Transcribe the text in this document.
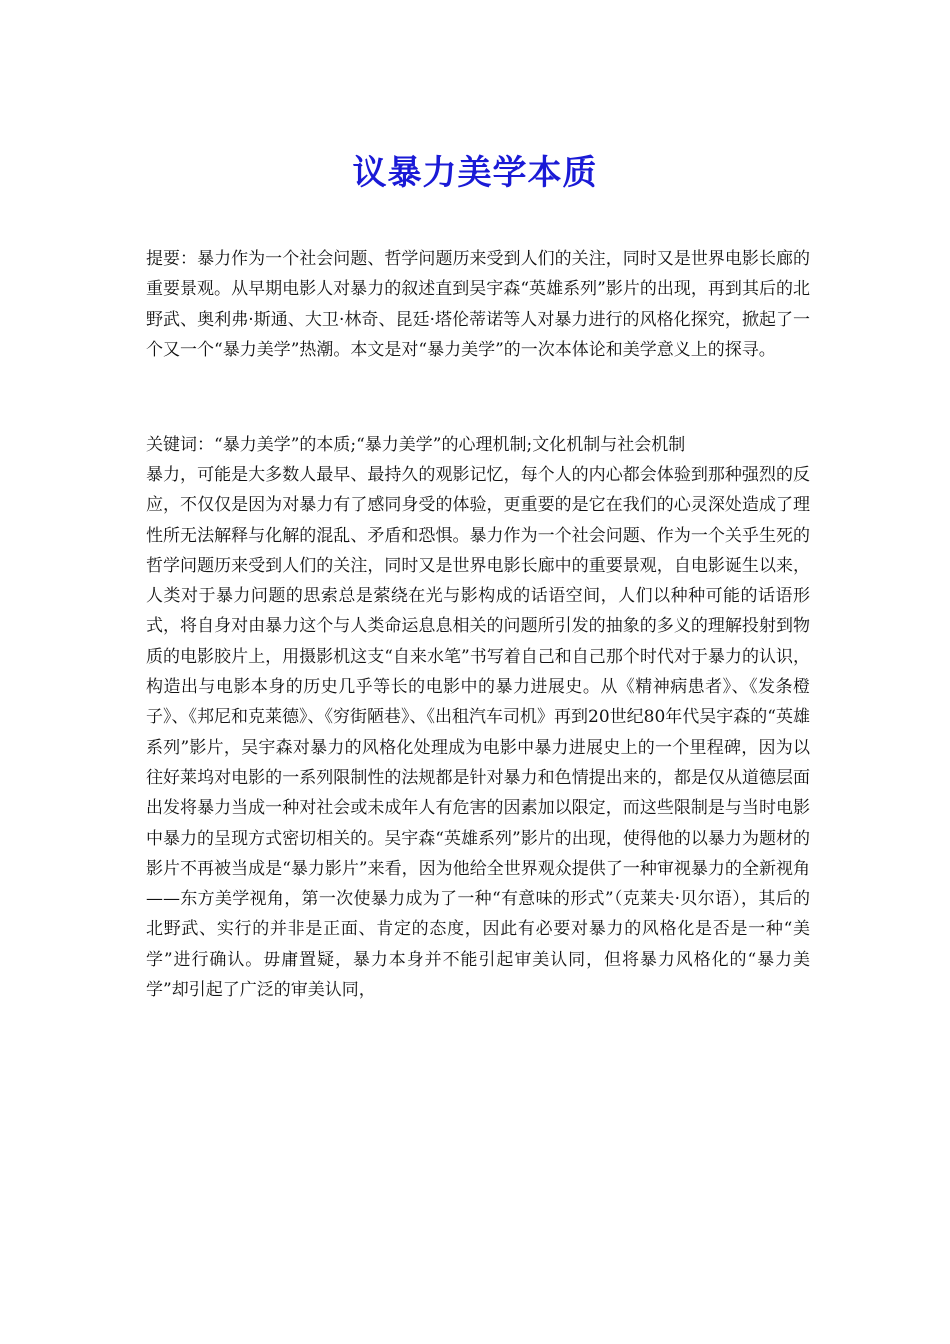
议暴力美学本质

提要：暴力作为一个社会问题、哲学问题历来受到人们的关注，同时又是世界电影长廊的重要景观。从早期电影人对暴力的叙述直到吴宇森“英雄系列”影片的出现，再到其后的北野武、奥利弗·斯通、大卫·林奇、昆廷·塔伦蒂诺等人对暴力进行的风格化探究，掀起了一个又一个“暴力美学”热潮。本文是对“暴力美学”的一次本体论和美学意义上的探寻。

关键词：“暴力美学”的本质;“暴力美学”的心理机制;文化机制与社会机制

暴力，可能是大多数人最早、最持久的观影记忆，每个人的内心都会体验到那种强烈的反应，不仅仅是因为对暴力有了感同身受的体验，更重要的是它在我们的心灵深处造成了理性所无法解释与化解的混乱、矛盾和恐惧。暴力作为一个社会问题、作为一个关乎生死的哲学问题历来受到人们的关注，同时又是世界电影长廊中的重要景观，自电影诞生以来，人类对于暴力问题的思索总是萦绕在光与影构成的话语空间，人们以种种可能的话语形式，将自身对由暴力这个与人类命运息息相关的问题所引发的抽象的多义的理解投射到物质的电影胶片上，用摄影机这支“自来水笔”书写着自己和自己那个时代对于暴力的认识，构造出与电影本身的历史几乎等长的电影中的暴力进展史。从《精神病患者》、《发条橙子》、《邦尼和克莱德》、《穷街陋巷》、《出租汽车司机》再到20世纪80年代吴宇森的“英雄系列”影片，吴宇森对暴力的风格化处理成为电影中暴力进展史上的一个里程碑，因为以往好莱坞对电影的一系列限制性的法规都是针对暴力和色情提出来的，都是仅从道德层面出发将暴力当成一种对社会或未成年人有危害的因素加以限定，而这些限制是与当时电影中暴力的呈现方式密切相关的。吴宇森“英雄系列”影片的出现，使得他的以暴力为题材的影片不再被当成是“暴力影片”来看，因为他给全世界观众提供了一种审视暴力的全新视角——东方美学视角，第一次使暴力成为了一种“有意味的形式”（克莱夫·贝尔语），其后的北野武、实行的并非是正面、肯定的态度，因此有必要对暴力的风格化是否是一种“美学”进行确认。毋庸置疑，暴力本身并不能引起审美认同，但将暴力风格化的“暴力美学”却引起了广泛的审美认同，
